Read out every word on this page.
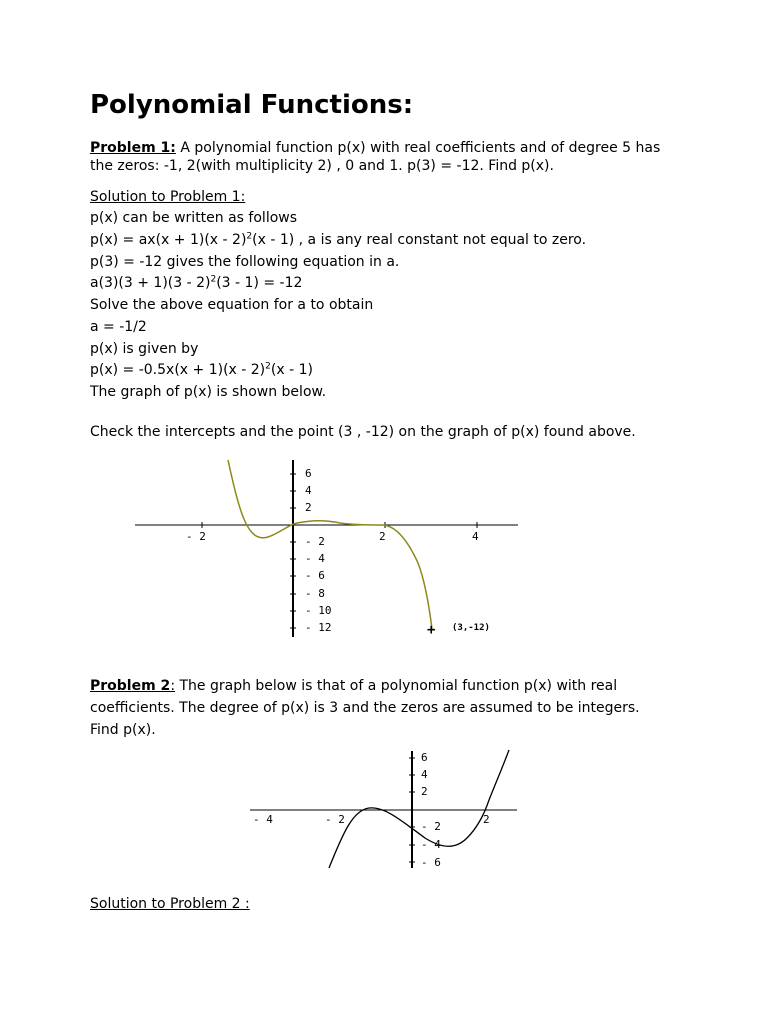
Polynomial Functions:
Problem 1: A polynomial function p(x) with real coefficients and of degree 5 has
the zeros: -1, 2(with multiplicity 2) , 0 and 1. p(3) = -12. Find p(x).
Solution to Problem 1:
p(x) can be written as follows
p(x) = ax(x + 1)(x - 2)$^2$(x - 1) , a is any real constant not equal to zero.
p(3) = -12 gives the following equation in a.
a(3)(3 + 1)(3 - 2)$^2$(3 - 1) = -12
Solve the above equation for a to obtain
a = -1/2
p(x) is given by
p(x) = -0.5x(x + 1)(x - 2)$^2$(x - 1)
The graph of p(x) is shown below.
Check the intercepts and the point (3 , -12) on the graph of p(x) found above.
- 2	2	4
6
4
2
- 2
- 4
- 6
- 8
- 10
- 12	+ (3,-12)
Problem 2: The graph below is that of a polynomial function p(x) with real
coefficients. The degree of p(x) is 3 and the zeros are assumed to be integers.
Find p(x).
- 4	- 2	2
6
4
2
- 2
- 4
- 6
Solution to Problem 2 :
